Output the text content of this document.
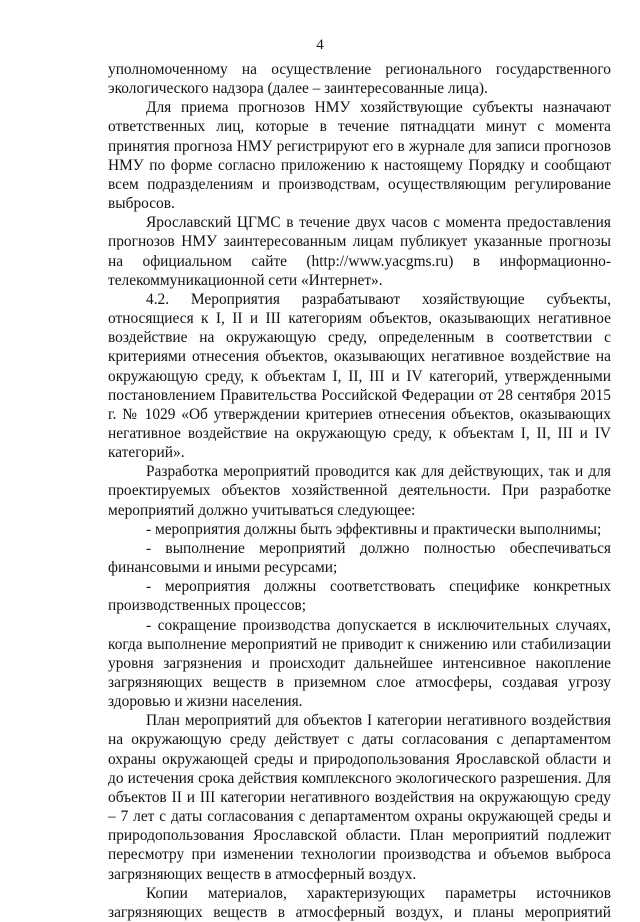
4

уполномоченному на осуществление регионального государственного экологического надзора (далее – заинтересованные лица).

Для приема прогнозов НМУ хозяйствующие субъекты назначают ответственных лиц, которые в течение пятнадцати минут с момента принятия прогноза НМУ регистрируют его в журнале для записи прогнозов НМУ по форме согласно приложению к настоящему Порядку и сообщают всем подразделениям и производствам, осуществляющим регулирование выбросов.

Ярославский ЦГМС в течение двух часов с момента предоставления прогнозов НМУ заинтересованным лицам публикует указанные прогнозы на официальном сайте (http://www.yacgms.ru) в информационно-телекоммуникационной сети «Интернет».

4.2. Мероприятия разрабатывают хозяйствующие субъекты, относящиеся к I, II и III категориям объектов, оказывающих негативное воздействие на окружающую среду, определенным в соответствии с критериями отнесения объектов, оказывающих негативное воздействие на окружающую среду, к объектам I, II, III и IV категорий, утвержденными постановлением Правительства Российской Федерации от 28 сентября 2015 г. № 1029 «Об утверждении критериев отнесения объектов, оказывающих негативное воздействие на окружающую среду, к объектам I, II, III и IV категорий».

Разработка мероприятий проводится как для действующих, так и для проектируемых объектов хозяйственной деятельности. При разработке мероприятий должно учитываться следующее:

- мероприятия должны быть эффективны и практически выполнимы;

- выполнение мероприятий должно полностью обеспечиваться финансовыми и иными ресурсами;

- мероприятия должны соответствовать специфике конкретных производственных процессов;

- сокращение производства допускается в исключительных случаях, когда выполнение мероприятий не приводит к снижению или стабилизации уровня загрязнения и происходит дальнейшее интенсивное накопление загрязняющих веществ в приземном слое атмосферы, создавая угрозу здоровью и жизни населения.

План мероприятий для объектов I категории негативного воздействия на окружающую среду действует с даты согласования с департаментом охраны окружающей среды и природопользования Ярославской области и до истечения срока действия комплексного экологического разрешения. Для объектов II и III категории негативного воздействия на окружающую среду – 7 лет с даты согласования с департаментом охраны окружающей среды и природопользования Ярославской области. План мероприятий подлежит пересмотру при изменении технологии производства и объемов выброса загрязняющих веществ в атмосферный воздух.

Копии материалов, характеризующих параметры источников загрязняющих веществ в атмосферный воздух, и планы мероприятий
